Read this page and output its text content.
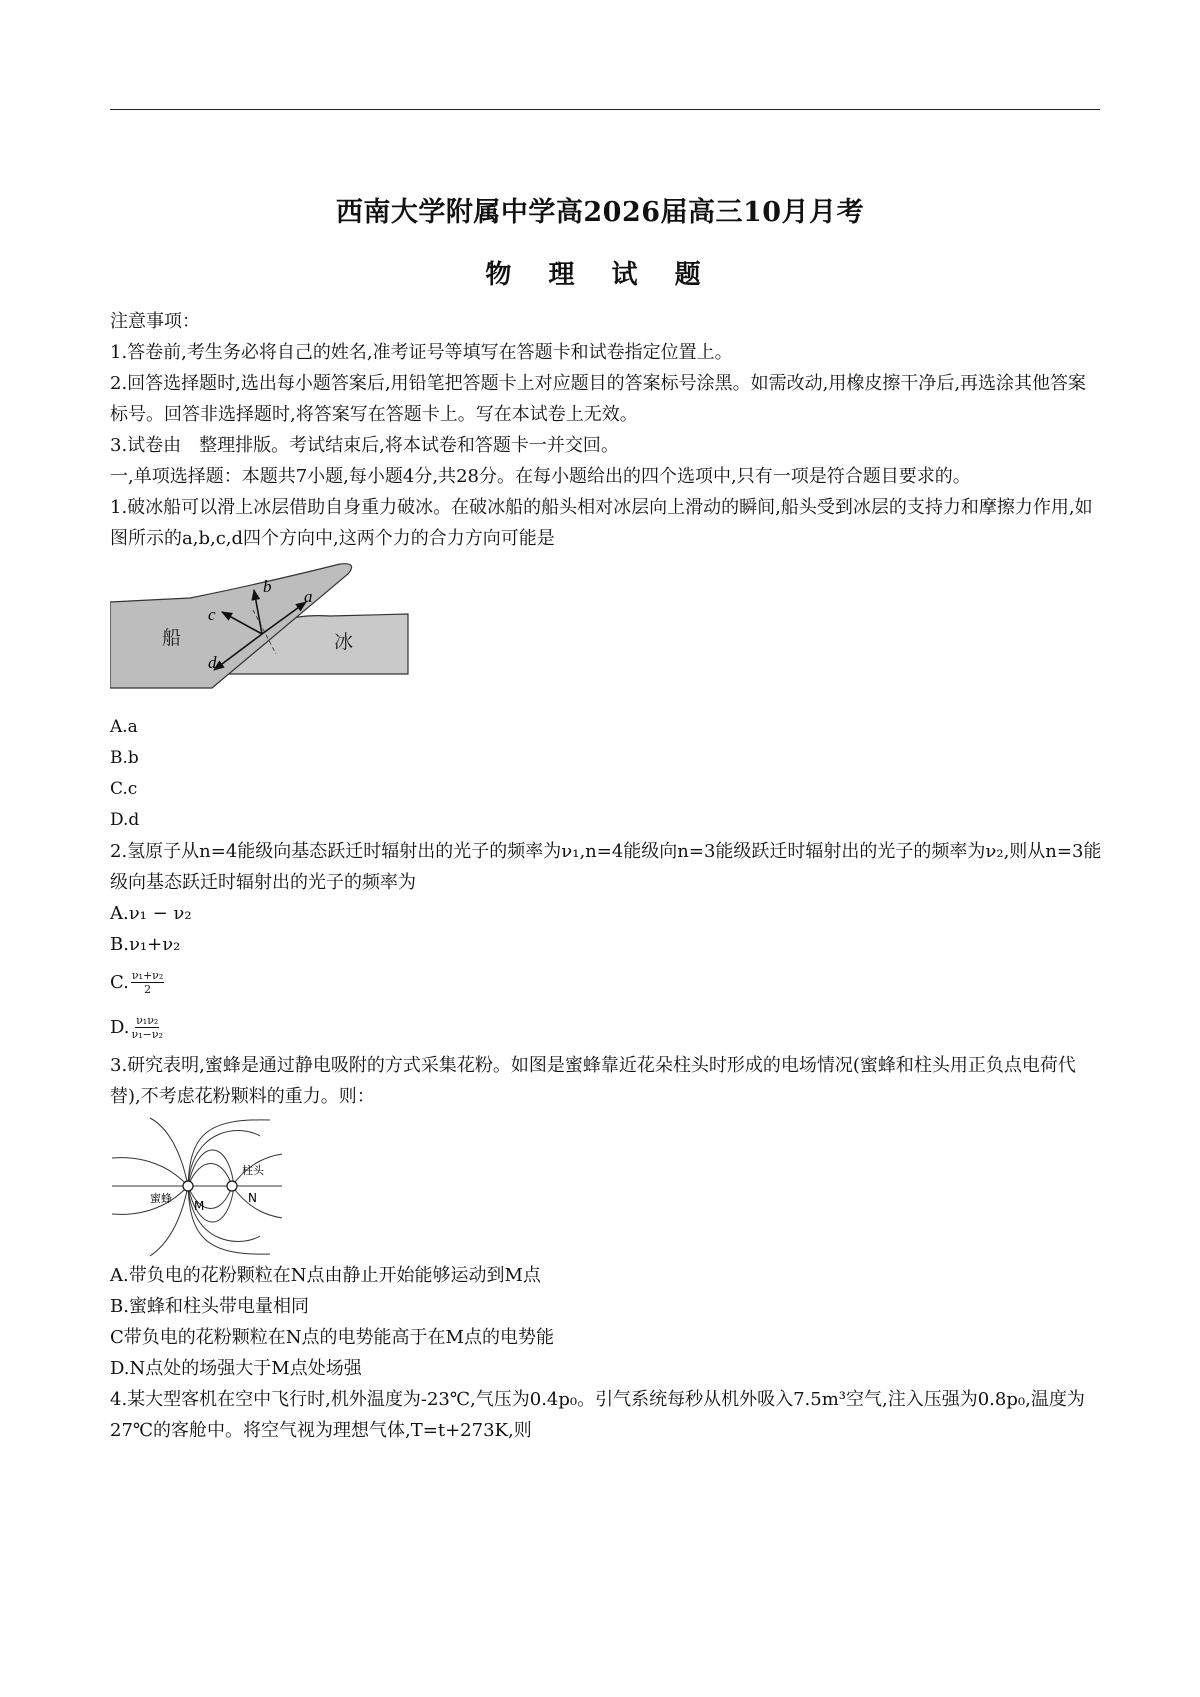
西南大学附属中学高2026届高三10月月考
物 理 试 题
注意事项：
1.答卷前,考生务必将自己的姓名,准考证号等填写在答题卡和试卷指定位置上。
2.回答选择题时,选出每小题答案后,用铅笔把答题卡上对应题目的答案标号涂黑。如需改动,用橡皮擦干净后,再选涂其他答案标号。回答非选择题时,将答案写在答题卡上。写在本试卷上无效。
3.试卷由　整理排版。考试结束后,将本试卷和答题卡一并交回。
一,单项选择题：本题共7小题,每小题4分,共28分。在每小题给出的四个选项中,只有一项是符合题目要求的。
1.破冰船可以滑上冰层借助自身重力破冰。在破冰船的船头相对冰层向上滑动的瞬间,船头受到冰层的支持力和摩擦力作用,如图所示的a,b,c,d四个方向中,这两个力的合力方向可能是
a
b
c
d
船	冰
A.a
B.b
C.c
D.d
2.氢原子从n=4能级向基态跃迁时辐射出的光子的频率为ν₁,n=4能级向n=3能级跃迁时辐射出的光子的频率为ν₂,则从n=3能级向基态跃迁时辐射出的光子的频率为
A.ν₁ − ν₂
B.ν₁+ν₂
C. $\frac{\text{ν₁+ν₂}}{2}$
D. $\frac{\text{ν₁ν₂}}{\text{ν₁−ν₂}}$
3.研究表明,蜜蜂是通过静电吸附的方式采集花粉。如图是蜜蜂靠近花朵柱头时形成的电场情况(蜜蜂和柱头用正负点电荷代替),不考虑花粉颗料的重力。则：
蜜蜂
柱头
M
N
A.带负电的花粉颗粒在N点由静止开始能够运动到M点
B.蜜蜂和柱头带电量相同
C带负电的花粉颗粒在N点的电势能高于在M点的电势能
D.N点处的场强大于M点处场强
4.某大型客机在空中飞行时,机外温度为-23℃,气压为0.4p₀。引气系统每秒从机外吸入7.5m³空气,注入压强为0.8p₀,温度为27℃的客舱中。将空气视为理想气体,T=t+273K,则
